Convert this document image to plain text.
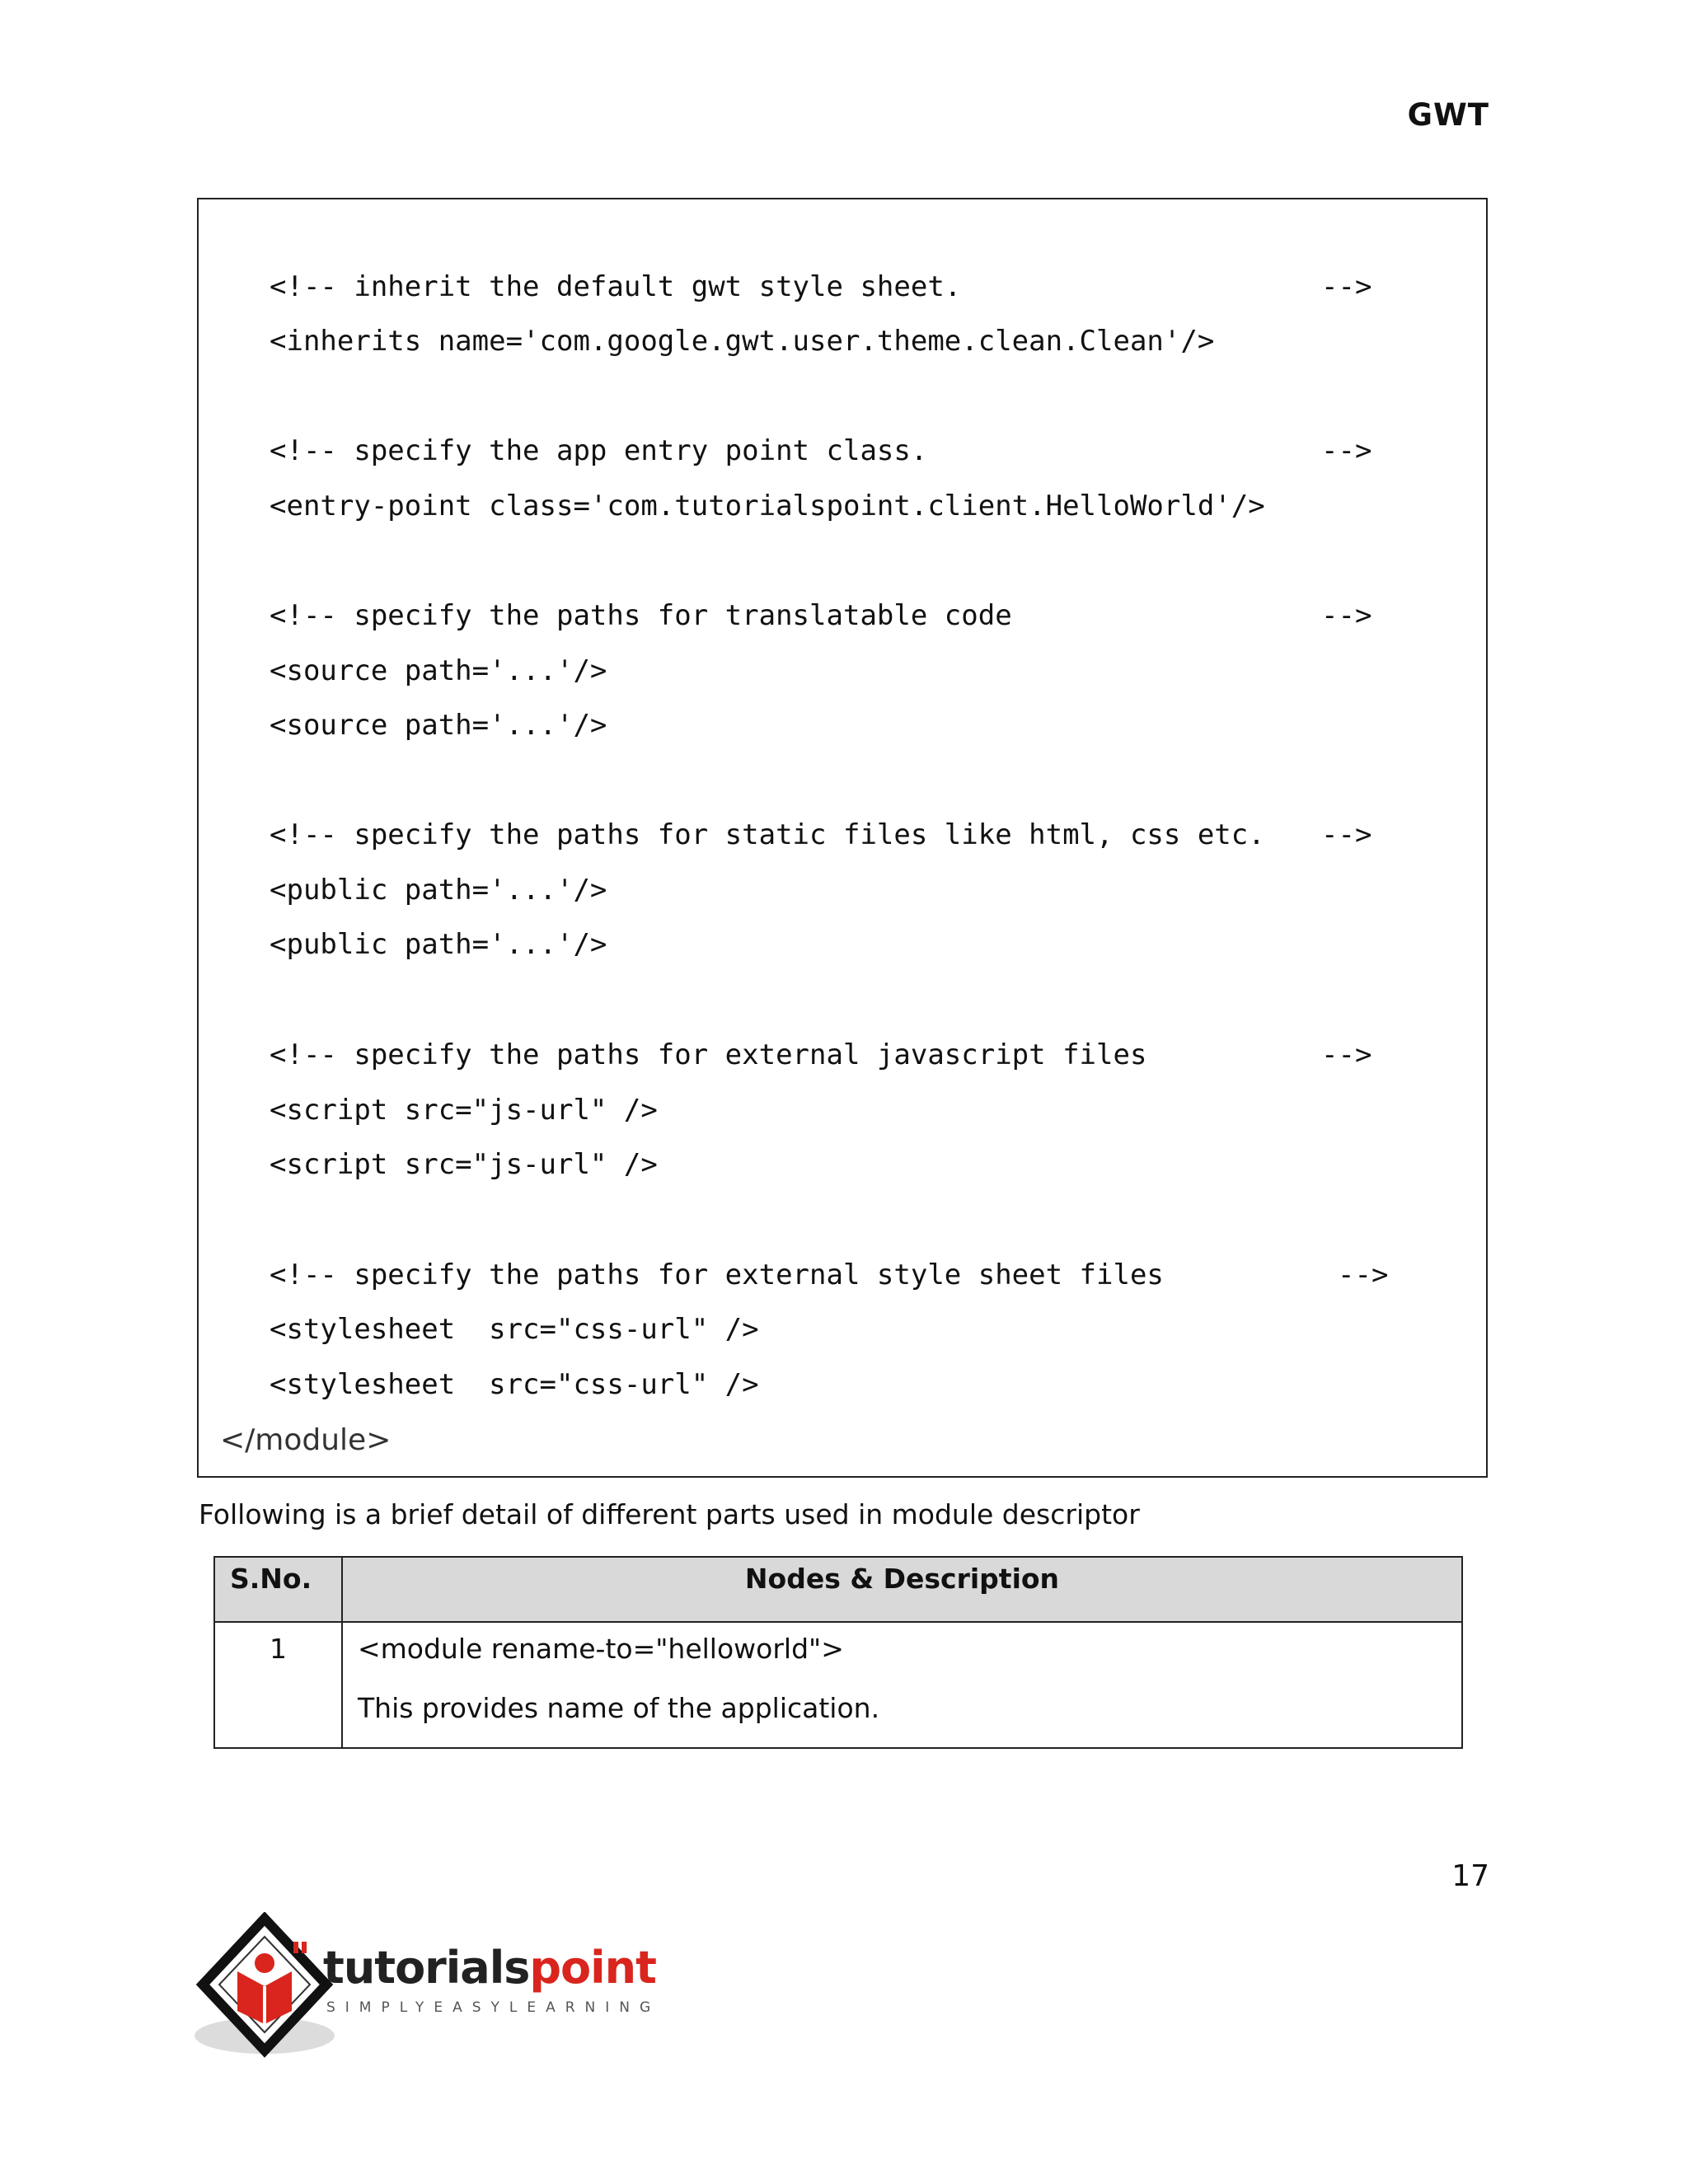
GWT
<!-- inherit the default gwt style sheet.	-->
<inherits name='com.google.gwt.user.theme.clean.Clean'/>
<!-- specify the app entry point class.	-->
<entry-point class='com.tutorialspoint.client.HelloWorld'/>
<!-- specify the paths for translatable code	-->
<source path='...'/>
<source path='...'/>
<!-- specify the paths for static files like html, css etc. -->
<public path='...'/>
<public path='...'/>
<!-- specify the paths for external javascript files	-->
<script src="js-url" />
<script src="js-url" />
<!-- specify the paths for external style sheet files	-->
<stylesheet  src="css-url" />
<stylesheet  src="css-url" />
</module>
Following is a brief detail of different parts used in module descriptor
S.No.	Nodes & Description
1	<module rename-to="helloworld">
This provides name of the application.
17
tutorialspoint
SIMPLYEASYLEARNING
